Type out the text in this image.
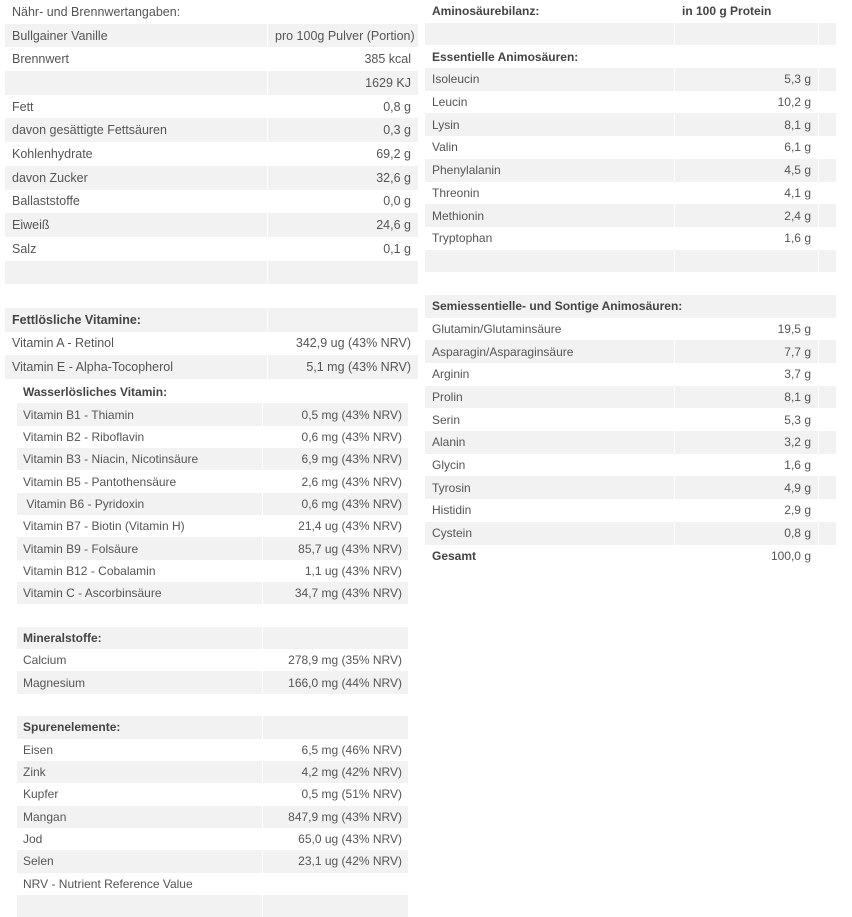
Nähr- und Brennwertangaben:	
Bullgainer Vanille	pro 100g Pulver (Portion)
Brennwert	385 kcal
	1629 KJ
Fett	0,8 g
davon gesättigte Fettsäuren	0,3 g
Kohlenhydrate	69,2 g
davon Zucker	32,6 g
Ballaststoffe	0,0 g
Eiweiß	24,6 g
Salz	0,1 g

Fettlösliche Vitamine:	
Vitamin A - Retinol	342,9 ug (43% NRV)
Vitamin E - Alpha-Tocopherol	5,1 mg (43% NRV)
Wasserlösliches Vitamin:	
Vitamin B1 - Thiamin	0,5 mg (43% NRV)
Vitamin B2 - Riboflavin	0,6 mg (43% NRV)
Vitamin B3 - Niacin, Nicotinsäure	6,9 mg (43% NRV)
Vitamin B5 - Pantothensäure	2,6 mg (43% NRV)
Vitamin B6 - Pyridoxin	0,6 mg (43% NRV)
Vitamin B7 - Biotin (Vitamin H)	21,4 ug (43% NRV)
Vitamin B9 - Folsäure	85,7 ug (43% NRV)
Vitamin B12 - Cobalamin	1,1 ug (43% NRV)
Vitamin C - Ascorbinsäure	34,7 mg (43% NRV)

Mineralstoffe:	
Calcium	278,9 mg (35% NRV)
Magnesium	166,0 mg (44% NRV)

Spurenelemente:	
Eisen	6,5 mg (46% NRV)
Zink	4,2 mg (42% NRV)
Kupfer	0,5 mg (51% NRV)
Mangan	847,9 mg (43% NRV)
Jod	65,0 ug (43% NRV)
Selen	23,1 ug (42% NRV)
NRV - Nutrient Reference Value	

Aminosäurebilanz:	in 100 g Protein	

Essentielle Animosäuren:		
Isoleucin	5,3 g	
Leucin	10,2 g	
Lysin	8,1 g	
Valin	6,1 g	
Phenylalanin	4,5 g	
Threonin	4,1 g	
Methionin	2,4 g	
Tryptophan	1,6 g	

Semiessentielle- und Sontige Animosäuren:		
Glutamin/Glutaminsäure	19,5 g	
Asparagin/Asparaginsäure	7,7 g	
Arginin	3,7 g	
Prolin	8,1 g	
Serin	5,3 g	
Alanin	3,2 g	
Glycin	1,6 g	
Tyrosin	4,9 g	
Histidin	2,9 g	
Cystein	0,8 g	
Gesamt	100,0 g	
